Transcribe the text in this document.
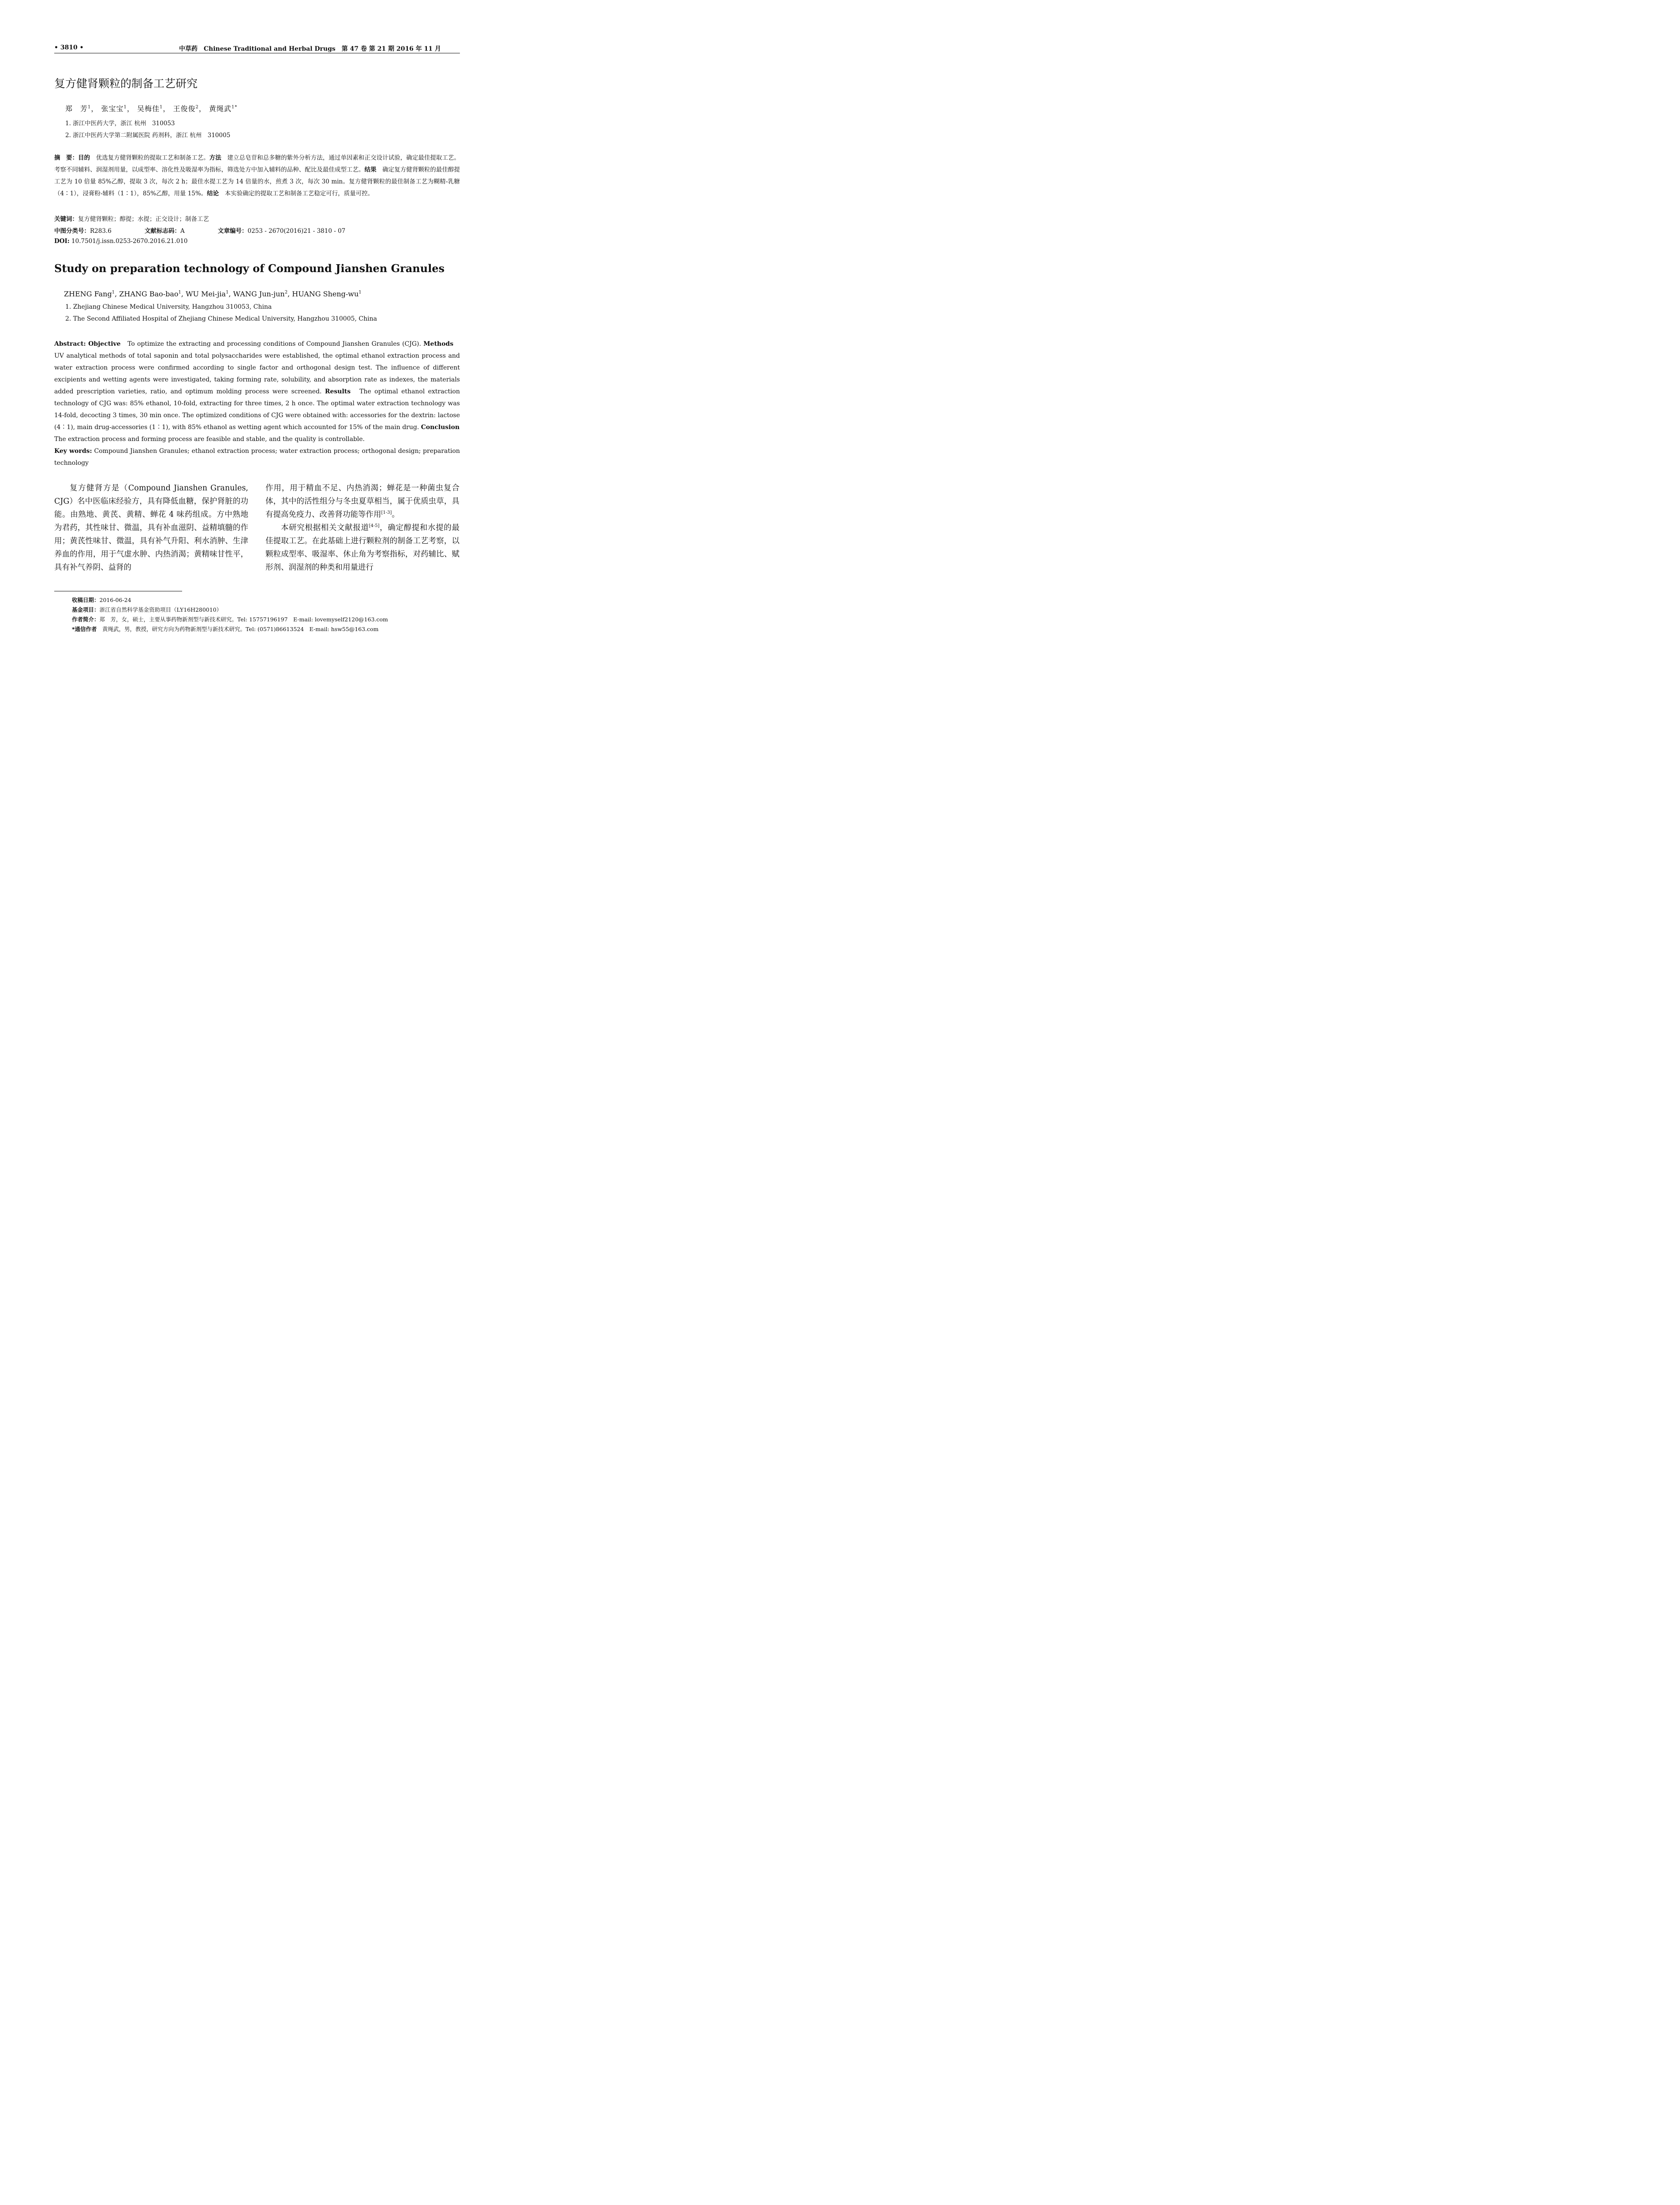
• 3810 •	中草药　Chinese Traditional and Herbal Drugs　第 47 卷 第 21 期 2016 年 11 月
复方健肾颗粒的制备工艺研究
郑　芳$^1$， 张宝宝$^1$， 吴梅佳$^1$， 王俊俊$^2$， 黄绳武$^{1*}$
1. 浙江中医药大学，浙江 杭州　310053
2. 浙江中医药大学第二附属医院 药剂科，浙江 杭州　310005
摘　要：目的　优选复方健肾颗粒的提取工艺和制备工艺。方法　建立总皂苷和总多糖的紫外分析方法，通过单因素和正交设计试验，确定最佳提取工艺。考察不同辅料、润湿剂用量，以成型率、溶化性及吸湿率为指标，筛选处方中加入辅料的品种、配比及最佳成型工艺。结果　确定复方健肾颗粒的最佳醇提工艺为 10 倍量 85%乙醇，提取 3 次，每次 2 h；最佳水提工艺为 14 倍量的水，煎煮 3 次，每次 30 min。复方健肾颗粒的最佳制备工艺为糊精-乳糖（4∶1），浸膏粉-辅料（1∶1），85%乙醇，用量 15%。结论　本实验确定的提取工艺和制备工艺稳定可行，质量可控。
关键词：复方健肾颗粒；醇提；水提；正交设计；制备工艺
中图分类号：R283.6	文献标志码：A	文章编号：0253 - 2670(2016)21 - 3810 - 07
DOI: 10.7501/j.issn.0253-2670.2016.21.010
Study on preparation technology of Compound Jianshen Granules
ZHENG Fang$^1$, ZHANG Bao-bao$^1$, WU Mei-jia$^1$, WANG Jun-jun$^2$, HUANG Sheng-$wu^1$
1. Zhejiang Chinese Medical University, Hangzhou 310053, China
2. The Second Affiliated Hospital of Zhejiang Chinese Medical University, Hangzhou 310005, China
Abstract: Objective　To optimize the extracting and processing conditions of Compound Jianshen Granules (CJG). Methods　UV analytical methods of total saponin and total polysaccharides were established, the optimal ethanol extraction process and water extraction process were confirmed according to single factor and orthogonal design test. The influence of different excipients and wetting agents were investigated, taking forming rate, solubility, and absorption rate as indexes, the materials added prescription varieties, ratio, and optimum molding process were screened. Results　The optimal ethanol extraction technology of CJG was: 85% ethanol, 10-fold, extracting for three times, 2 h once. The optimal water extraction technology was 14-fold, decocting 3 times, 30 min once. The optimized conditions of CJG were obtained with: accessories for the dextrin: lactose (4∶1), main drug-accessories (1∶1), with 85% ethanol as wetting agent which accounted for 15% of the main drug. Conclusion　The extraction process and forming process are feasible and stable, and the quality is controllable.
Key words: Compound Jianshen Granules; ethanol extraction process; water extraction process; orthogonal design; preparation technology

复方健肾方是（Compound Jianshen Granules, CJG）名中医临床经验方，具有降低血糖，保护肾脏的功能。由熟地、黄芪、黄精、蝉花 4 味药组成。方中熟地为君药，其性味甘、微温，具有补血滋阴、益精填髓的作用；黄芪性味甘、微温，具有补气升阳、利水消肿、生津养血的作用，用于气虚水肿、内热消渴；黄精味甘性平，具有补气养阴、益肾的

作用，用于精血不足、内热消渴；蝉花是一种菌虫复合体，其中的活性组分与冬虫夏草相当，属于优质虫草，具有提高免疫力、改善肾功能等作用[1-3]。

本研究根据相关文献报道[4-5]，确定醇提和水提的最佳提取工艺。在此基础上进行颗粒剂的制备工艺考察，以颗粒成型率、吸湿率、休止角为考察指标，对药辅比、赋形剂、润湿剂的种类和用量进行

收稿日期：2016-06-24
基金项目：浙江省自然科学基金资助项目（LY16H280010）
作者简介：郑　芳，女，硕士，主要从事药物新剂型与新技术研究。Tel: 15757196197　E-mail: lovemyself2120@163.com
*通信作者　黄绳武，男，教授，研究方向为药物新剂型与新技术研究。Tel: (0571)86613524　E-mail: hsw55@163.com
